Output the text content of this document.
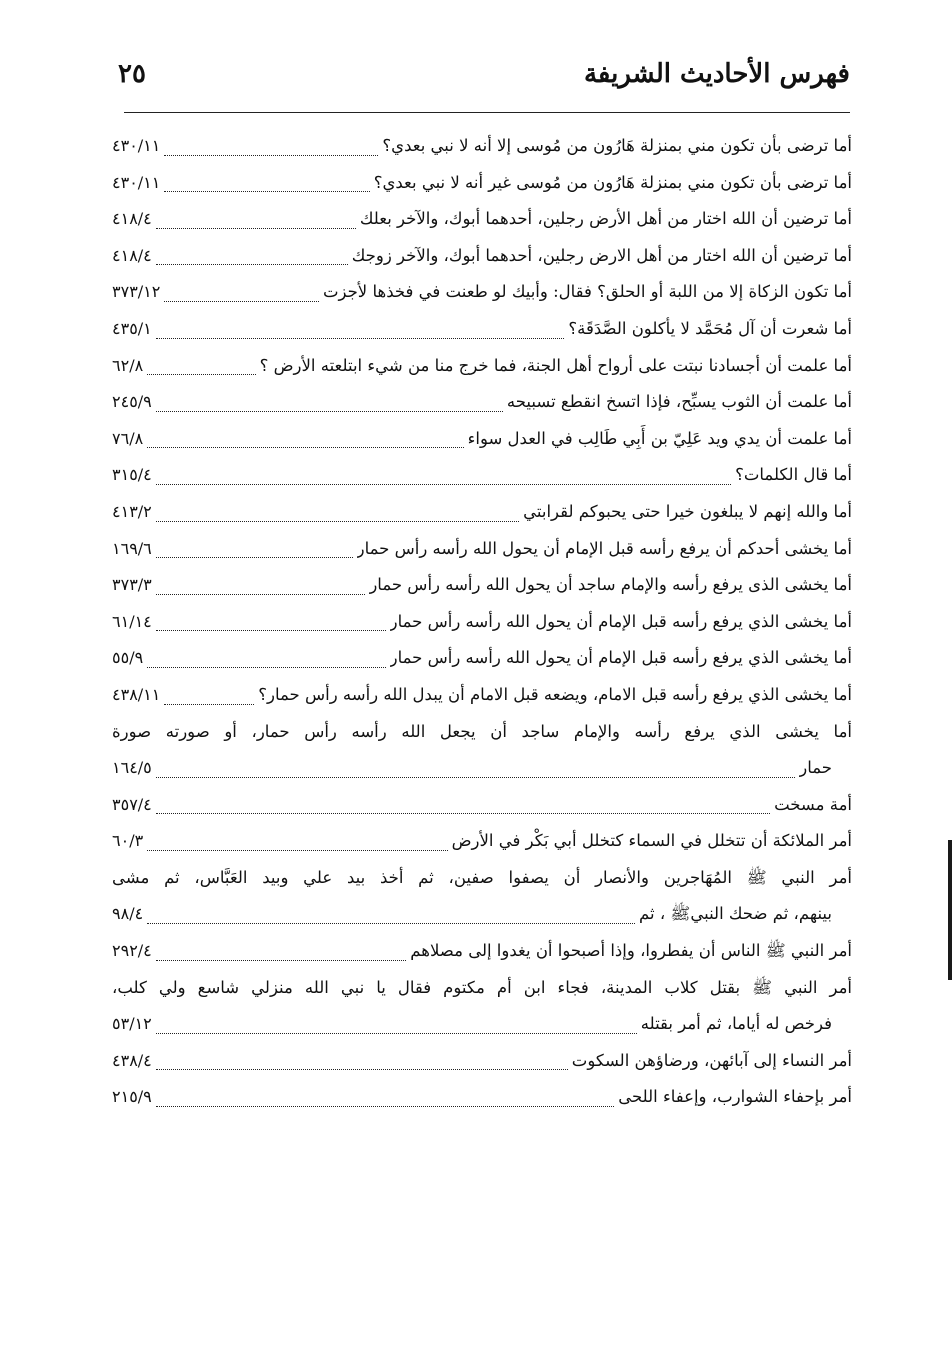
فهرس الأحاديث الشريفة
٢٥
أما ترضى بأن تكون مني بمنزلة هَارُون من مُوسى إلا أنه لا نبي بعدي؟
٤٣٠/١١
أما ترضى بأن تكون مني بمنزلة هَارُون من مُوسى غير أنه لا نبي بعدي؟
٤٣٠/١١
أما ترضين أن الله اختار من أهل الأرض رجلين، أحدهما أبوك، والآخر بعلك
٤١٨/٤
أما ترضين أن الله اختار من أهل الارض رجلين، أحدهما أبوك، والآخر زوجك
٤١٨/٤
أما تكون الزكاة إلا من اللبة أو الحلق؟ فقال: وأبيك لو طعنت في فخذها لأجزت
٣٧٣/١٢
أما شعرت أن آل مُحَمَّد لا يأكلون الصَّدَقَة؟
٤٣٥/١
أما علمت أن أجسادنا نبتت على أرواح أهل الجنة، فما خرج منا من شيء ابتلعته الأرض ؟
٦٢/٨
أما علمت أن الثوب يسبِّح، فإذا اتسخ انقطع تسبيحه
٢٤٥/٩
أما علمت أن يدي ويد عَلِيّ بن أَبِي طَالِب في العدل سواء
٧٦/٨
أما قال الكلمات؟
٣١٥/٤
أما والله إنهم لا يبلغون خيرا حتى يحبوكم لقرابتي
٤١٣/٢
أما يخشى أحدكم أن يرفع رأسه قبل الإمام أن يحول الله رأسه رأس حمار
١٦٩/٦
أما يخشى الذى يرفع رأسه والإمام ساجد أن يحول الله رأسه رأس حمار
٣٧٣/٣
أما يخشى الذي يرفع رأسه قبل الإمام أن يحول الله رأسه رأس حمار
٦١/١٤
أما يخشى الذي يرفع رأسه قبل الإمام أن يحول الله رأسه رأس حمار
٥٥/٩
أما يخشى الذي يرفع رأسه قبل الامام، ويضعه قبل الامام أن يبدل الله رأسه رأس حمار؟
٤٣٨/١١
أما يخشى الذي يرفع رأسه والإمام ساجد أن يجعل الله رأسه رأس حمار، أو صورته صورة
حمار
١٦٤/٥
أمة مسخت
٣٥٧/٤
أمر الملائكة أن تتخلل في السماء كتخلل أبي بَكْر في الأرض
٦٠/٣
أمر النبي ﷺ المُهَاجرين والأنصار أن يصفوا صفين، ثم أخذ بيد علي وبيد العَبَّاس، ثم مشى
بينهم، ثم ضحك النبيﷺ ، ثم
٩٨/٤
أمر النبي ﷺ الناس أن يفطروا، وإذا أصبحوا أن يغدوا إلى مصلاهم
٢٩٢/٤
أمر النبي ﷺ بقتل كلاب المدينة، فجاء ابن أم مكتوم فقال يا نبي الله منزلي شاسع ولي كلب،
فرخص له أياما، ثم أمر بقتله
٥٣/١٢
أمر النساء إلى آبائهن، ورضاؤهن السكوت
٤٣٨/٤
أمر بإحفاء الشوارب، وإعفاء اللحى
٢١٥/٩
